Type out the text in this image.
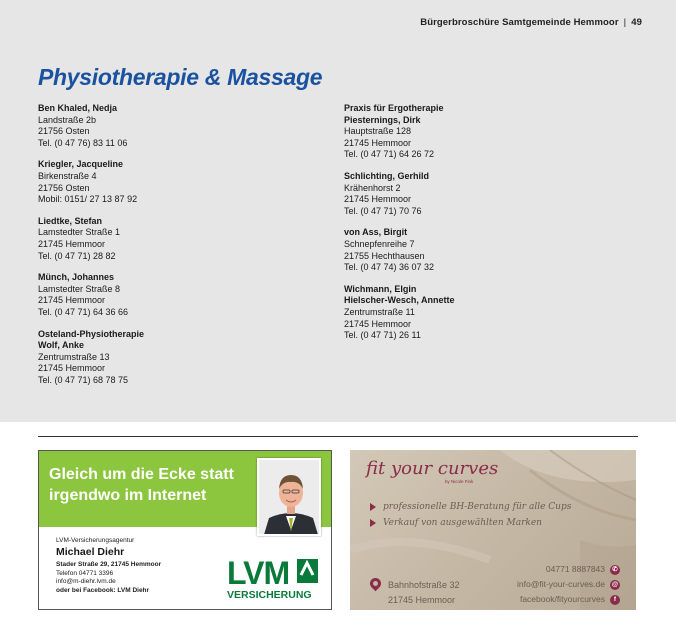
Bürgerbroschüre Samtgemeinde Hemmoor | 49
Physiotherapie & Massage
Ben Khaled, Nedja
Landstraße 2b
21756 Osten
Tel. (0 47 76) 83 11 06
Kriegler, Jacqueline
Birkenstraße 4
21756 Osten
Mobil: 0151/ 27 13 87 92
Liedtke, Stefan
Lamstedter Straße 1
21745 Hemmoor
Tel. (0 47 71) 28 82
Münch, Johannes
Lamstedter Straße 8
21745 Hemmoor
Tel. (0 47 71) 64 36 66
Osteland-Physiotherapie
Wolf, Anke
Zentrumstraße 13
21745 Hemmoor
Tel. (0 47 71) 68 78 75
Praxis für Ergotherapie
Piesternings, Dirk
Hauptstraße 128
21745 Hemmoor
Tel. (0 47 71) 64 26 72
Schlichting, Gerhild
Krähenhorst 2
21745 Hemmoor
Tel. (0 47 71) 70 76
von Ass, Birgit
Schnepfenreihe 7
21755 Hechthausen
Tel. (0 47 74) 36 07 32
Wichmann, Elgin
Hielscher-Wesch, Annette
Zentrumstraße 11
21745 Hemmoor
Tel. (0 47 71) 26 11
Gleich um die Ecke statt
irgendwo im Internet
LVM-Versicherungsagentur
Michael Diehr
Stader Straße 29, 21745 Hemmoor
Telefon 04771 3396
info@m-diehr.lvm.de
oder bei Facebook: LVM Diehr	LVM
VERSICHERUNG
fit your curves
by Nicole Fink
professionelle BH-Beratung für alle Cups
Verkauf von ausgewählten Marken
Bahnhofstraße 32
21745 Hemmoor
04771 8887843	✆
info@fit-your-curves.de @
facebook/fityourcurves	f
